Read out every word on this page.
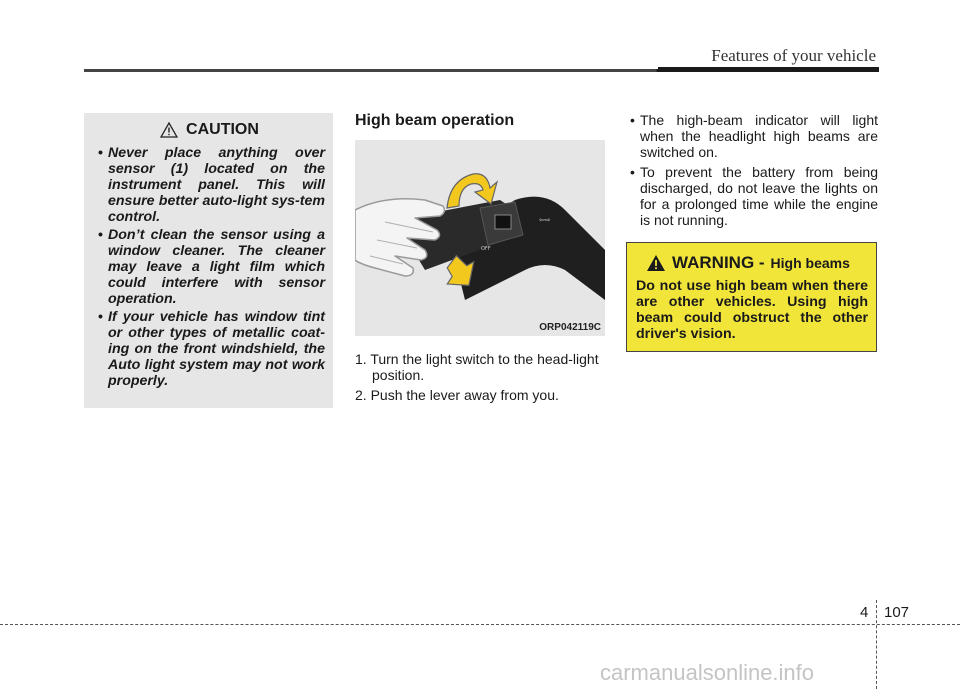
Features of your vehicle
CAUTION
• Never place anything over sensor (1) located on the instrument panel. This will ensure better auto-light sys-tem control.
• Don’t clean the sensor using a window cleaner. The cleaner may leave a light film which could interfere with sensor operation.
• If your vehicle has window tint or other types of metallic coat-ing on the front windshield, the Auto light system may not work properly.
High beam operation
OFF
⇦⇨
ORP042119C
1. Turn the light switch to the head-light position.
2. Push the lever away from you.
• The high-beam indicator will light when the headlight high beams are switched on.
• To prevent the battery from being discharged, do not leave the lights on for a prolonged time while the engine is not running.
WARNING - High beams

Do not use high beam when there are other vehicles. Using high beam could obstruct the other driver's vision.

4 107
carmanualsonline.info
